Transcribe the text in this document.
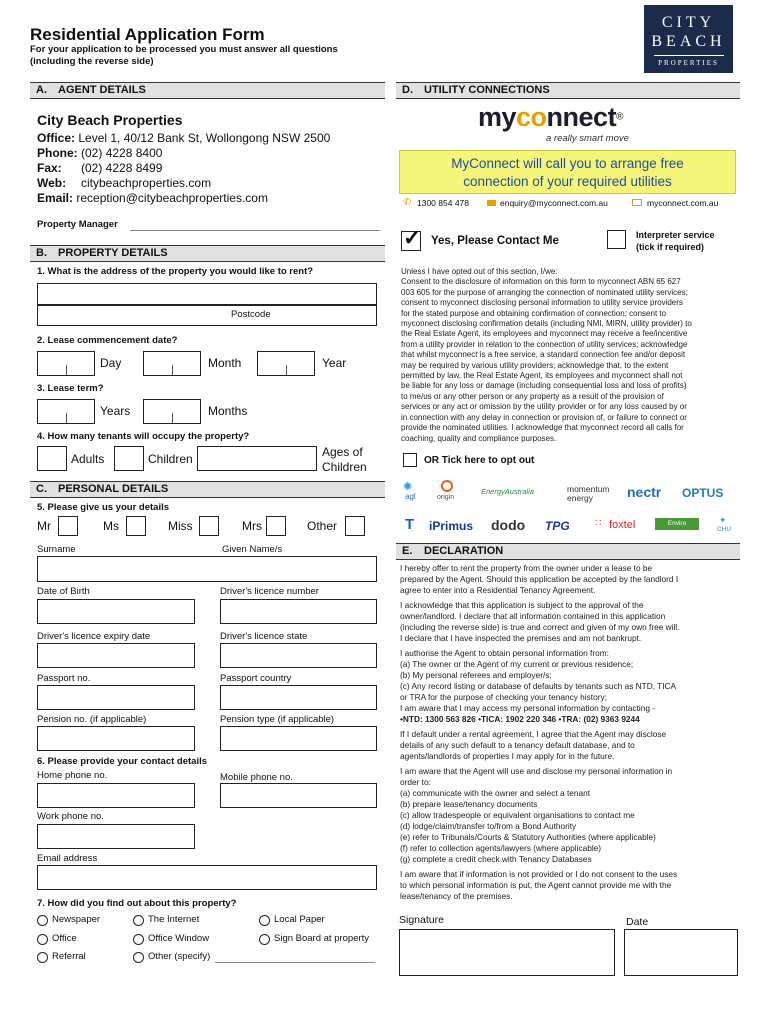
Residential Application Form
For your application to be processed you must answer all questions
(including the reverse side)
CITY
BEACH
PROPERTIES
A. AGENT DETAILS
City Beach Properties
Office: Level 1, 40/12 Bank St, Wollongong NSW 2500
Phone: (02) 4228 8400
Fax: (02) 4228 8499
Web: citybeachproperties.com
Email: reception@citybeachproperties.com
Property Manager
B. PROPERTY DETAILS
1. What is the address of the property you would like to rent?
Postcode
2. Lease commencement date?
Day	Month	Year
3. Lease term?
Years	Months
4. How many tenants will occupy the property?
Adults	Children	Ages of
Children
C. PERSONAL DETAILS
5. Please give us your details
Mr	Ms	Miss	Mrs	Other
Surname	Given Name/s
Date of Birth	Driver's licence number
Driver's licence expiry date	Driver's licence state
Passport no.	Passport country
Pension no. (if applicable)	Pension type (if applicable)
6. Please provide your contact details
Home phone no.	Mobile phone no.
Work phone no.
Email address
7. How did you find out about this property?
Newspaper	The Internet	Local Paper
Office	Office Window	Sign Board at property
Referral	Other (specify)
D. UTILITY CONNECTIONS
myconnect®
a really smart move
MyConnect will call you to arrange free
connection of your required utilities
✆ 1300 854 478	enquiry@myconnect.com.au	myconnect.com.au
✓ Yes, Please Contact Me	Interpreter service
(tick if required)
Unless I have opted out of this section, I/we:
Consent to the disclosure of information on this form to myconnect ABN 65 627
003 605 for the purpose of arranging the connection of nominated utility services;
consent to myconnect disclosing personal information to utility service providers
for the stated purpose and obtaining confirmation of connection; consent to
myconnect disclosing confirmation details (including NMI, MIRN, utility provider) to
the Real Estate Agent, its employees and myconnect may receive a fee/incentive
from a utility provider in relation to the connection of utility services; acknowledge
that whilst myconnect is a free service, a standard connection fee and/or deposit
may be required by various utility providers; acknowledge that, to the extent
permitted by law, the Real Estate Agent, its employees and myconnect shall not
be liable for any loss or damage (including consequential loss and loss of profits)
to me/us or any other person or any property as a result of the provision of
services or any act or omission by the utility provider or for any loss caused by or
in connection with any delay in connection or provision of, or failure to connect or
provide the nominated utilities. I acknowledge that myconnect record all calls for
coaching, quality and compliance purposes.
OR Tick here to opt out
agl
✺
origin
EnergyAustralia	momentum energy	nectr OPTUS
T iPrimus dodo TPG	∷ foxtel	Enviro
CHU
✦
E. DECLARATION
I hereby offer to rent the property from the owner under a lease to be
prepared by the Agent. Should this application be accepted by the landlord I
agree to enter into a Residential Tenancy Agreement.
I acknowledge that this application is subject to the approval of the
owner/landlord. I declare that all information contained in this application
(including the reverse side) is true and correct and given of my own free will.
I declare that I have inspected the premises and am not bankrupt.
I authorise the Agent to obtain personal information from:
(a) The owner or the Agent of my current or previous residence;
(b) My personal referees and employer/s;
(c) Any record listing or database of defaults by tenants such as NTD, TICA
or TRA for the purpose of checking your tenancy history;
I am aware that I may access my personal information by contacting -
•NTD: 1300 563 826 •TICA: 1902 220 346 •TRA: (02) 9363 9244
If I default under a rental agreement, I agree that the Agent may disclose
details of any such default to a tenancy default database, and to
agents/landlords of properties I may apply for in the future.
I am aware that the Agent will use and disclose my personal information in
order to:
(a) communicate with the owner and select a tenant
(b) prepare lease/tenancy documents
(c) allow tradespeople or equivalent organisations to contact me
(d) lodge/claim/transfer to/from a Bond Authority
(e) refer to Tribunals/Courts & Statutory Authorities (where applicable)
(f) refer to collection agents/lawyers (where applicable)
(g) complete a credit check with Tenancy Databases
I am aware that if information is not provided or I do not consent to the uses
to which personal information is put, the Agent cannot provide me with the
lease/tenancy of the premises.
Signature	Date
